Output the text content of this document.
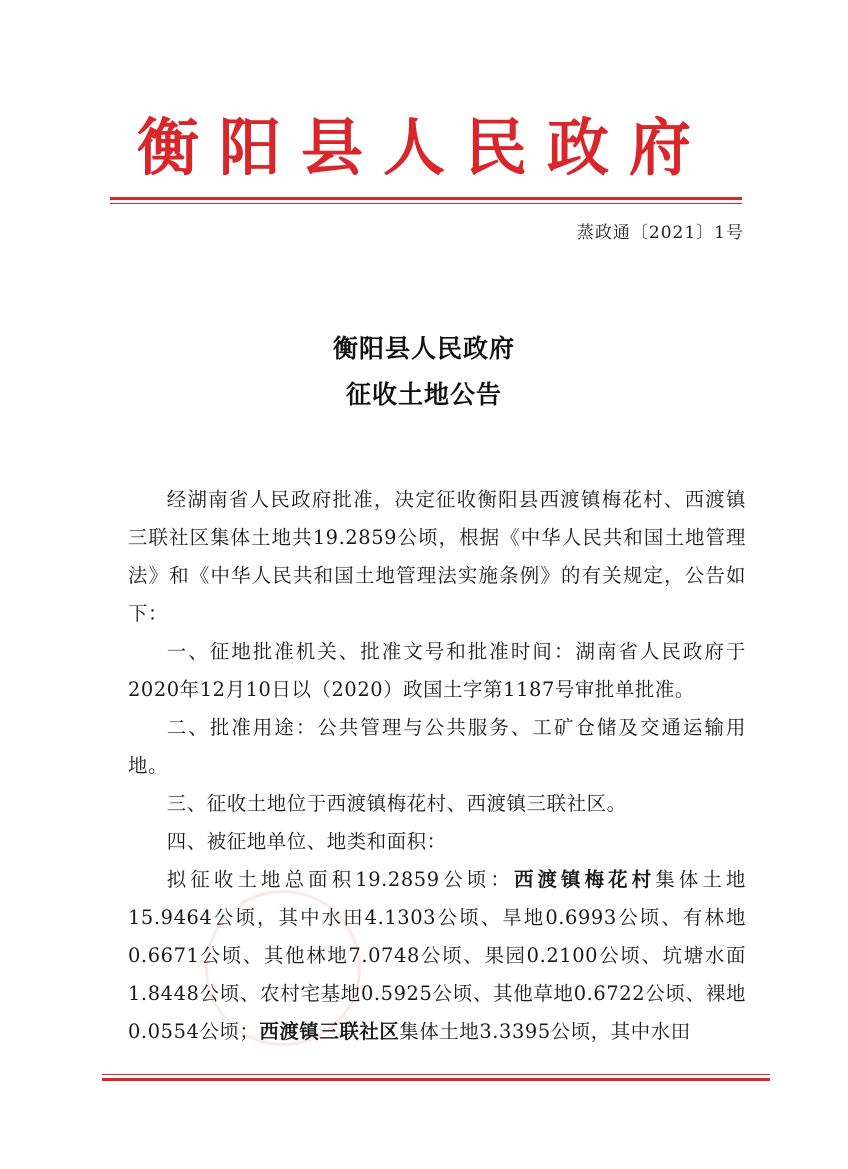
衡阳县人民政府
蒸政通〔2021〕1号
衡阳县人民政府
征收土地公告

经湖南省人民政府批准，决定征收衡阳县西渡镇梅花村、西渡镇三联社区集体土地共19.2859公顷，根据《中华人民共和国土地管理法》和《中华人民共和国土地管理法实施条例》的有关规定，公告如下：

一、征地批准机关、批准文号和批准时间：湖南省人民政府于2020年12月10日以（2020）政国土字第1187号审批单批准。

二、批准用途：公共管理与公共服务、工矿仓储及交通运输用地。

三、征收土地位于西渡镇梅花村、西渡镇三联社区。

四、被征地单位、地类和面积：

拟征收土地总面积19.2859公顷：西渡镇梅花村集体土地15.9464公顷，其中水田4.1303公顷、旱地0.6993公顷、有林地0.6671公顷、其他林地7.0748公顷、果园0.2100公顷、坑塘水面1.8448公顷、农村宅基地0.5925公顷、其他草地0.6722公顷、裸地0.0554公顷；西渡镇三联社区集体土地3.3395公顷，其中水田
